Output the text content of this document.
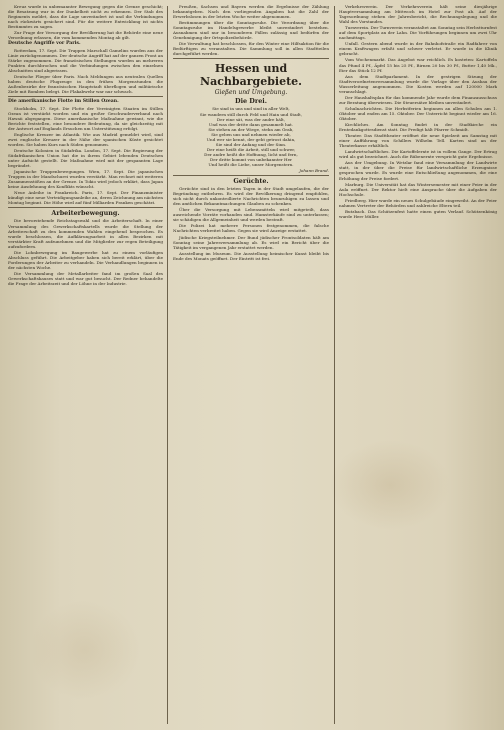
Kreuz wurde in unbemannter Bewegung gegen die Grenze geschickt; die Besatzung war in der Dunkelheit nicht zu erkennen. Der Stab des Regiments meldet, dass die Lage unverändert ist und die Verbindungen nach rückwärts gesichert sind. Für die weitere Entwicklung ist nichts Bestimmtes zu sagen.

Zur Frage der Versorgung der Bevölkerung hat die Behörde eine neue Verordnung erlassen, die vom kommenden Montag ab gilt.

Deutsche Angriffe vor Paris.

Rotterdam, 17. Sept. Die Truppen Marschall Gamelins wurden aus der Linie zurückgenommen. Der deutsche Angriff hat auf der ganzen Front an Stärke zugenommen. Die französischen Stellungen wurden an mehreren Punkten durchbrochen und die Verbindungen zwischen den einzelnen Abschnitten sind abgerissen.

Deutsche Flieger über Paris. Nach Meldungen aus neutralen Quellen haben deutsche Flugzeuge in den frühen Morgenstunden die Außenbezirke der französischen Hauptstadt überflogen und militärische Ziele mit Bomben belegt. Die Flakabwehr war nur schwach.

Die amerikanische Flotte im Stillen Ozean.

Stockholm, 17. Sept. Die Flotte der Vereinigten Staaten im Stillen Ozean ist verstärkt worden und ein großer Geschwaderverband nach Hawaii abgegangen. Diese amerikanische Maßnahme gewinnt, wie die Berichte feststellen, eine besondere Bedeutung, da sie gleichzeitig mit der Antwort auf Englands Ersuchen um Unterstützung erfolgt.

Englische Kreuzer im Atlantik. Wie aus Madrid gemeldet wird, sind zwei englische Kreuzer in der Nähe der spanischen Küste gesichtet worden. Sie haben Kurs nach Süden genommen.

Deutsche Kolonien in Südafrika. London, 17. Sept. Die Regierung der Südafrikanischen Union hat die in ihrem Gebiet lebenden Deutschen unter Aufsicht gestellt. Die Maßnahme wird mit der gespannten Lage begründet.

Japanische Truppenbewegungen. Wien, 17. Sept. Die japanischen Truppen in der Mandschurei wurden verstärkt. Man rechnet mit weiteren Zusammenstößen an der Grenze. In Tokio wird jedoch erklärt, dass Japan keine Ausdehnung des Konflikts wünscht.

Neue Anleihe in Frankreich. Paris, 17. Sept. Der Finanzminister kündigt eine neue Verteidigungsanleihe an, deren Zeichnung am nächsten Montag beginnt. Die Höhe wird auf fünf Milliarden Franken geschätzt.

Arbeiterbewegung.

Die bevorstehende Reichstagswahl und die Arbeiterschaft. In einer Versammlung des Gewerkschaftskartells wurde die Stellung der Arbeiterschaft zu den kommenden Wahlen eingehend besprochen. Es wurde beschlossen, die Aufklärungsarbeit in allen Bezirken mit verstärkter Kraft aufzunehmen und die Mitglieder zur regen Beteiligung aufzufordern.

Die Lohnbewegung im Baugewerbe hat zu einem vorläufigen Abschluss geführt. Die Arbeitgeber haben sich bereit erklärt, über die Forderungen der Arbeiter zu verhandeln. Die Verhandlungen beginnen in der nächsten Woche.

Die Versammlung der Metallarbeiter fand im großen Saal des Gewerkschaftshauses statt und war gut besucht. Der Redner behandelte die Frage der Arbeitszeit und der Löhne in der Industrie.

Preußen, Sachsen und Bayern werden die Ergebnisse der Zählung bekanntgeben. Nach den vorliegenden Angaben hat die Zahl der Erwerbslosen in der letzten Woche weiter abgenommen.

Bestimmungen über die Sonntagsruhe. Die Verordnung über die Sonntagsruhe im Handelsgewerbe bleibt unverändert bestehen. Ausnahmen sind nur in besonderen Fällen zulässig und bedürfen der Genehmigung der Ortspolizeibehörde.

Die Verwaltung hat beschlossen, für den Winter eine Hilfsaktion für die Bedürftigen zu veranstalten. Die Sammlung soll in allen Stadtteilen durchgeführt werden.

Hessen und Nachbargebiete.
Gießen und Umgebung.
Die Drei.
Sie sind in uns und sind in aller Welt,
Sie wandern still durch Feld und Hain und Stadt,
Der eine sät, was der andre hält,
Und was der dritte dann gesammelt hat.
Sie stehen an der Wiege, stehn am Grab,
Sie geben uns und nehmen wieder ab,
Und wer sie kennt, der geht getrost dahin,
Sie sind der Anfang und der Sinn.
Der eine heißt die Arbeit, still und schwer,
Der andre heißt die Hoffnung, licht und fern,
Der dritte kommt von unbekannter Her
Und heißt die Liebe, unser Morgenstern.
Johann Brand.
Gerüchte.

Gerüchte sind in den letzten Tagen in der Stadt umgelaufen, die der Begründung entbehren. Es wird der Bevölkerung dringend empfohlen, sich nicht durch unkontrollierte Nachrichten beunruhigen zu lassen und den amtlichen Bekanntmachungen Glauben zu schenken.

Über die Versorgung mit Lebensmitteln wird mitgeteilt, dass ausreichende Vorräte vorhanden sind. Hamsterkäufe sind zu unterlassen; sie schädigen die Allgemeinheit und werden bestraft.

Die Polizei hat mehrere Personen festgenommen, die falsche Nachrichten verbreitet haben. Gegen sie wird Anzeige erstattet.

Jüdische Kriegsteilnehmer. Der Bund jüdischer Frontsoldaten hält am Sonntag seine Jahresversammlung ab. Es wird ein Bericht über die Tätigkeit im vergangenen Jahr erstattet werden.

Ausstellung im Museum. Die Ausstellung heimischer Kunst bleibt bis Ende des Monats geöffnet. Der Eintritt ist frei.

Verkehrsverein. Der Verkehrsverein hält seine diesjährige Hauptversammlung am Mittwoch im Hotel zur Post ab. Auf der Tagesordnung stehen der Jahresbericht, die Rechnungslegung und die Wahl des Vorstandes.

Turnverein. Der Turnverein veranstaltet am Sonntag sein Herbstturnfest auf dem Sportplatz an der Lahn. Die Vorführungen beginnen um zwei Uhr nachmittags.

Unfall. Gestern abend wurde in der Bahnhofstraße ein Radfahrer von einem Kraftwagen erfaßt und schwer verletzt. Er wurde in die Klinik gebracht.

Vom Wochenmarkt. Das Angebot war reichlich. Es kosteten: Kartoffeln das Pfund 4 Pf., Äpfel 15 bis 25 Pf., Birnen 20 bis 30 Pf., Butter 1,40 Mk., Eier das Stück 12 Pf.

Aus dem Stadtparlament. In der gestrigen Sitzung der Stadtverordnetenversammlung wurde die Vorlage über den Ausbau der Wasserleitung angenommen. Die Kosten werden auf 120000 Mark veranschlagt.

Der Haushaltsplan für das kommende Jahr wurde dem Finanzausschuss zur Beratung überwiesen. Die Steuersätze bleiben unverändert.

Schulnachrichten. Die Herbstferien beginnen an allen Schulen am 1. Oktober und enden am 15. Oktober. Der Unterricht beginnt wieder am 16. Oktober.

Kirchliches. Am Sonntag findet in der Stadtkirche ein Erntedankgottesdienst statt. Die Predigt hält Pfarrer Schmidt.

Theater. Das Stadttheater eröffnet die neue Spielzeit am Samstag mit einer Aufführung von Schillers Wilhelm Tell. Karten sind an der Theaterkasse erhältlich.

Landwirtschaftliches. Die Kartoffelernte ist in vollem Gange. Der Ertrag wird als gut bezeichnet. Auch die Rübenernte verspricht gute Ergebnisse.

Aus der Umgebung. In Wetzlar fand eine Versammlung der Landwirte statt, in der über die Preise für landwirtschaftliche Erzeugnisse gesprochen wurde. Es wurde eine Entschließung angenommen, die eine Erhöhung der Preise fordert.

Marburg. Die Universität hat das Wintersemester mit einer Feier in der Aula eröffnet. Der Rektor hielt eine Ansprache über die Aufgaben der Hochschule.

Friedberg. Hier wurde ein neues Schulgebäude eingeweiht. An der Feier nahmen Vertreter der Behörden und zahlreiche Eltern teil.

Butzbach. Das Schützenfest hatte einen guten Verlauf. Schützenkönig wurde Herr Müller.
